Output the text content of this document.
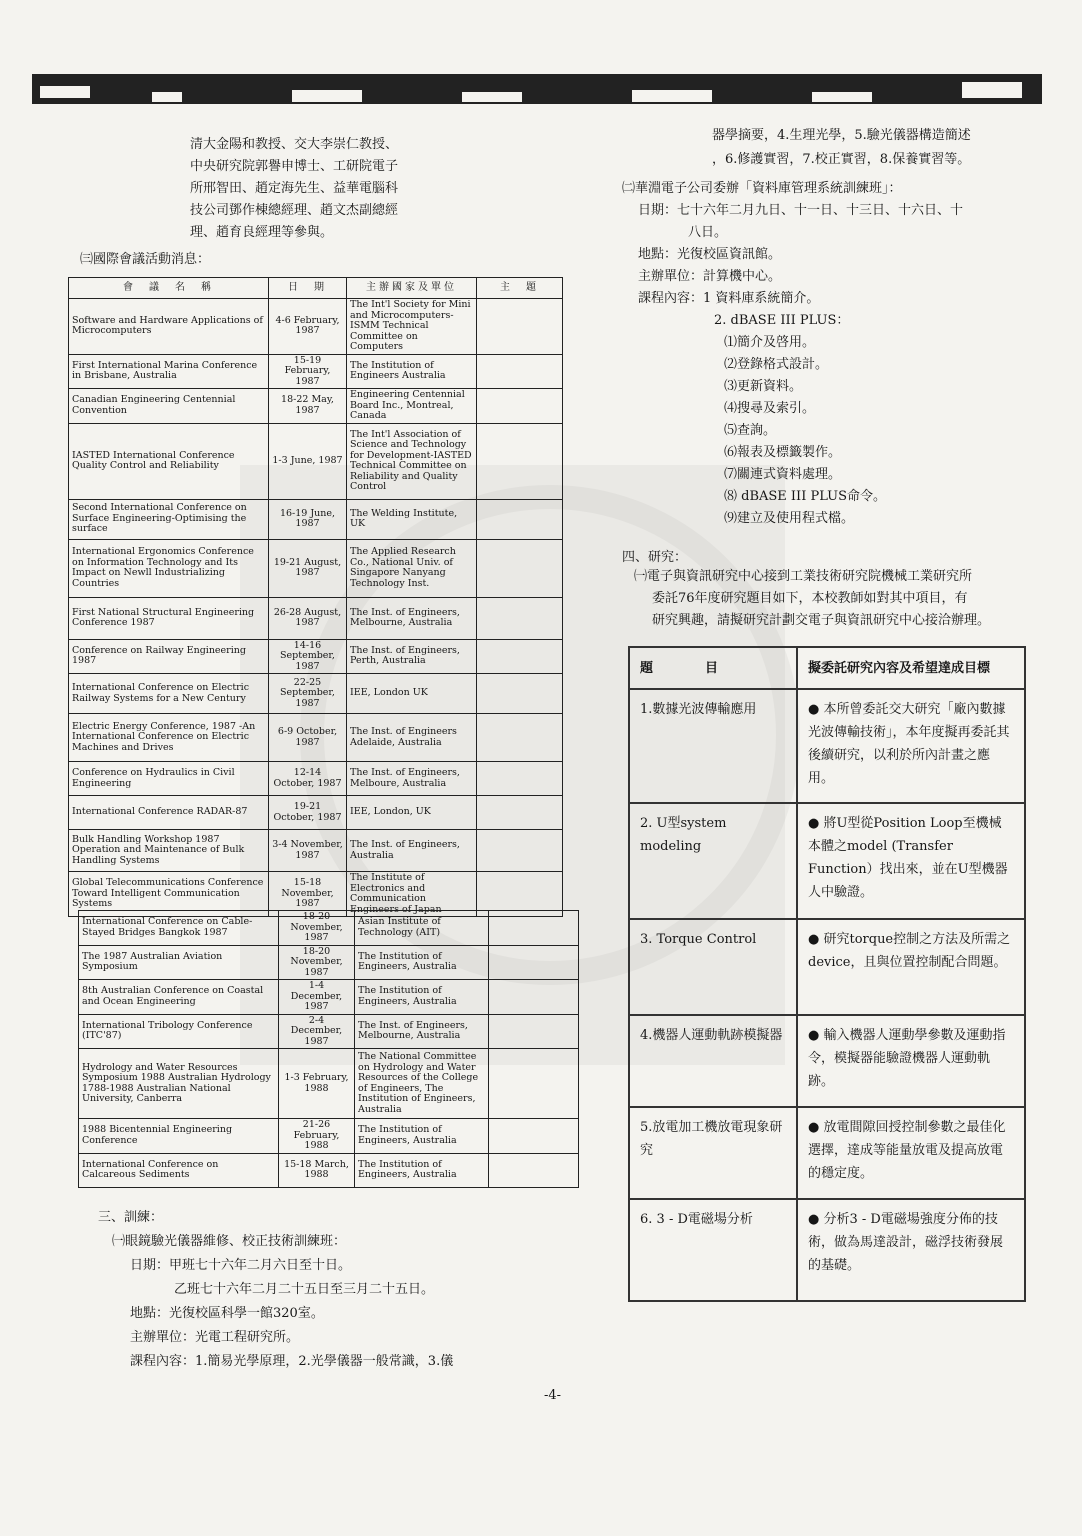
清大金陽和教授、交大李崇仁教授、
中央研究院郭譽申博士、工研院電子
所邢智田、趙定海先生、益華電腦科
技公司鄧作棟總經理、趙文杰副總經
理、趙育良經理等參與。
㈢國際會議活動消息：
會　議　名　稱	日　期	主辦國家及單位	主　題
Software and Hardware Applications of Microcomputers	4-6 February, 1987	The Int'l Society for Mini and Microcomputers-ISMM Technical Committee on Computers	
First International Marina Conference in Brisbane, Australia	15-19 February, 1987	The Institution of Engineers Australia	
Canadian Engineering Centennial Convention	18-22 May, 1987	Engineering Centennial Board Inc., Montreal, Canada	
IASTED International Conference Quality Control and Reliability	1-3 June, 1987	The Int'l Association of Science and Technology for Development-IASTED Technical Committee on Reliability and Quality Control	
Second International Conference on Surface Engineering-Optimising the surface	16-19 June, 1987	The Welding Institute, UK	
International Ergonomics Conference on Information Technology and Its Impact on Newll Industrializing Countries	19-21 August, 1987	The Applied Research Co., National Univ. of Singapore Nanyang Technology Inst.	
First National Structural Engineering Conference 1987	26-28 August, 1987	The Inst. of Engineers, Melbourne, Australia	
Conference on Railway Engineering 1987	14-16 September, 1987	The Inst. of Engineers, Perth, Australia	
International Conference on Electric Railway Systems for a New Century	22-25 September, 1987	IEE, London UK	
Electric Energy Conference, 1987 -An International Conference on Electric Machines and Drives	6-9 October, 1987	The Inst. of Engineers Adelaide, Australia	
Conference on Hydraulics in Civil Engineering	12-14 October, 1987	The Inst. of Engineers, Melboure, Australia	
International Conference RADAR-87	19-21 October, 1987	IEE, London, UK	
Bulk Handling Workshop 1987 Operation and Maintenance of Bulk Handling Systems	3-4 November, 1987	The Inst. of Engineers, Australia	
Global Telecommunications Conference Toward Intelligent Communication Systems	15-18 November, 1987	The Institute of Electronics and Communication Engineers of Japan	
International Conference on Cable-Stayed Bridges Bangkok 1987	18-20 November, 1987	Asian Institute of Technology (AIT)	
The 1987 Australian Aviation Symposium	18-20 November, 1987	The Institution of Engineers, Australia	
8th Australian Conference on Coastal and Ocean Engineering	1-4 December, 1987	The Institution of Engineers, Australia	
International Tribology Conference (ITC'87)	2-4 December, 1987	The Inst. of Engineers, Melbourne, Australia	
Hydrology and Water Resources Symposium 1988 Australian Hydrology 1788-1988 Australian National University, Canberra	1-3 February, 1988	The National Committee on Hydrology and Water Resources of the College of Engineers, The Institution of Engineers, Australia	
1988 Bicentennial Engineering Conference	21-26 February, 1988	The Institution of Engineers, Australia	
International Conference on Calcareous Sediments	15-18 March, 1988	The Institution of Engineers, Australia	
三、訓練：
㈠眼鏡驗光儀器維修、校正技術訓練班：
日期：甲班七十六年二月六日至十日。
乙班七十六年二月二十五日至三月二十五日。
地點：光復校區科學一館320室。
主辦單位：光電工程研究所。
課程內容：1.簡易光學原理，2.光學儀器一般常識，3.儀
器學摘要，4.生理光學，5.驗光儀器構造簡述
，6.修護實習，7.校正實習，8.保養實習等。
㈡華淵電子公司委辦「資料庫管理系統訓練班」：
日期：七十六年二月九日、十一日、十三日、十六日、十
八日。
地點：光復校區資訊館。
主辦單位：計算機中心。
課程內容：1 資料庫系統簡介。
2. dBASE III PLUS：
⑴簡介及啓用。
⑵登錄格式設計。
⑶更新資料。
⑷搜尋及索引。
⑸查詢。
⑹報表及標籤製作。
⑺關連式資料處理。
⑻ dBASE III PLUS命令。
⑼建立及使用程式檔。
四、研究：
㈠電子與資訊研究中心接到工業技術研究院機械工業研究所
委託76年度研究題目如下，本校教師如對其中項目，有
研究興趣，請擬研究計劃交電子與資訊研究中心接洽辦理。
題　　　　目	擬委託研究內容及希望達成目標
1.數據光波傳輸應用	● 本所曾委託交大研究「廠內數據光波傳輸技術」，本年度擬再委託其後續研究，以利於所內計畫之應用。
2. U型system modeling	● 將U型從Position Loop至機械本體之model (Transfer Function）找出來，並在U型機器人中驗證。
3. Torque Control	● 研究torque控制之方法及所需之device，且與位置控制配合問題。
4.機器人運動軌跡模擬器	● 輸入機器人運動學參數及運動指令，模擬器能驗證機器人運動軌跡。
5.放電加工機放電現象研究	● 放電間隙回授控制參數之最佳化選擇，達成等能量放電及提高放電的穩定度。
6. 3 - D電磁場分析	● 分析3 - D電磁場強度分佈的技術，做為馬達設計，磁浮技術發展的基礎。
-4-
